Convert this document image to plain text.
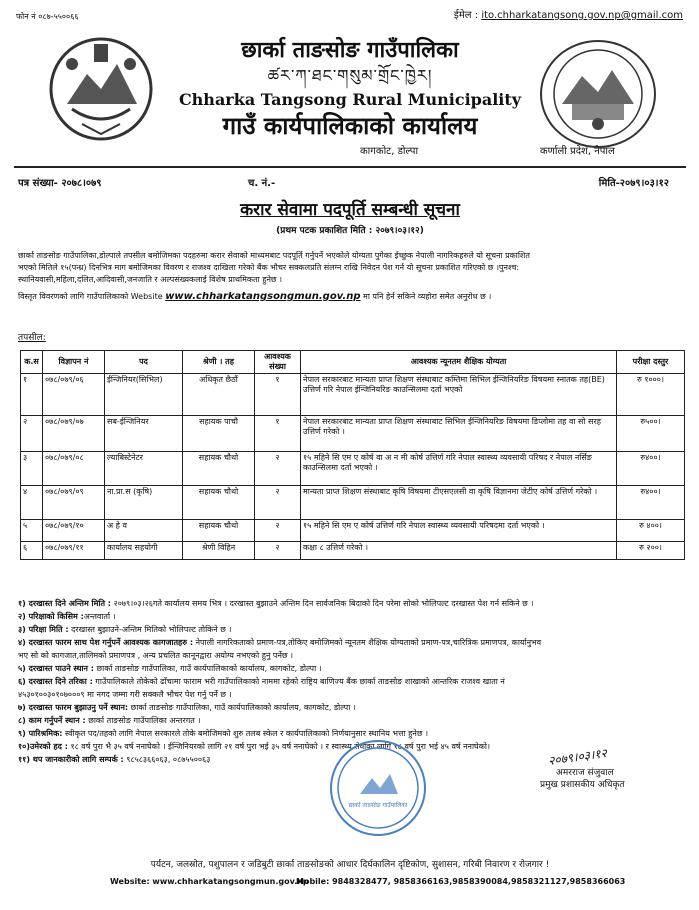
फोन नं ०८७-५५००६६	ईमेल : ito.chharkatangsong.gov.np@gmail.com
छार्का ताङसोङ गाउँपालिका
ཚར་ཀ་ཐང་གསུམ་གྲོང་ཁྱེར།
Chharka Tangsong Rural Municipality
गाउँ कार्यपालिकाको कार्यालय
कागकोट, डोल्पा	कर्णाली प्रदेश, नेपाल
पत्र संख्या- २०७८।०७९	च. नं.-	मिति-२०७९।०३।१२
करार सेवामा पदपूर्ति सम्बन्धी सूचना
(प्रथम पटक प्रकाशित मिति : २०७९।०३।१२)
छार्का ताङसोङ गाउँपालिका,डोल्पाले तपसील बमोजिमका पदहरुमा करार सेवाको माध्यमबाट पदपूर्ति गर्नुपर्ने भएकोले योग्यता पुगेका ईच्छुक नेपाली नागरिकहरुले यो सूचना प्रकाशित
भएको मितिले १५(पन्ध्र) दिनभित्र माग बमोजिमका विवरण र राजश्व दाखिला गरेको बैंक भौचर सक्कलप्रति संलग्न राखि निवेदन पेश गर्न यो सूचना प्रकाशित गरिएको छ ।पुनश्च:
स्थानियवासी,महिला,दलित,आदिवासी,जनजाति र अल्पसंख्यकलाई विशेष प्राथमिकता हुनेछ ।
विस्तृत विवरणको लागि गाउँपालिकाको Website www.chharkatangsongmun.gov.np मा पनि हेर्न सकिने व्यहोरा समेत अनुरोध छ ।
तपसील:
क.स	विज्ञापन नं	पद	श्रेणी । तह	आवश्यक संख्या	आवश्यक न्यूनतम शैक्षिक योग्यता	परीक्षा दस्तुर
१	०७८/०७९/०६	ईन्जिनियर(सिभिल)	अधिकृत छैठौं	१	नेपाल सरकारबाट मान्यता प्राप्त शिक्षण संस्थाबाट कम्तिमा सिभिल ईन्जिनियरिङ विषयमा स्नातक तह(BE) उत्तिर्ण गरि नेपाल ईन्जिनियरिङ काउन्सिलमा दर्ता भएको	रु १०००।
२	०७८/०७९/०७	सब-ईन्जिनियर	सहायक पाचौ	१	नेपाल सरकारबाट मान्यता प्राप्त शिक्षण संस्थाबाट सिभिल ईन्जिनियरिङ विषयमा डिप्लोमा तह वा सो सरह उत्तिर्ण गरेको ।	रु५००।
३	०७८/०७९/०८	ल्याबिस्टेनेटर	सहायक चौथो	२	१५ महिने सि एम ए कोर्ष वा अ न मी कोर्ष उत्तिर्ण गरि नेपाल स्वास्थ्य व्यवसायी परिषद र नेपाल नर्सिङ काउन्सिलमा दर्ता भएको ।	रु४००।
४	०७८/०७९/०९	ना.प्रा.स (कृषि)	सहायक चौथो	२	मान्यता प्राप्त शिक्षण संस्थाबाट कृषि विषयमा टीएसएलसी वा कृषि विज्ञानमा जेटीए कोर्ष उत्तिर्ण गरेको ।	रु४००।
५	०७८/०७९/१०	अ हे व	सहायक चौथो	२	१५ महिने सि एम ए कोर्ष उत्तिर्ण गरि नेपाल स्वास्थ्य व्यवसायी परिषदमा दर्ता भएको ।	रु ४००।
६	०७८/०७९/११	कार्यालय सहयोगी	श्रेणी विहिन	२	कक्षा ८ उत्तिर्ण गरेको ।	रु २००।
१) दरखास्त दिने अन्तिम मिति : २०७९।०३।२६गते कार्यालय समय भित्र । दरखास्त बुझाउने अन्तिम दिन सार्वजनिक बिदाको दिन परेमा सोको भोलिपल्ट दरखास्त पेश गर्न सकिने छ ।
२) परिक्षाको किसिम :अन्तवार्ता ।
३) परिक्षा मिति : दरखास्त बुझाउने-अन्तिम मितिको भोलिपल्ट तोकिने छ ।
४) दरखास्त फारम साथ पेश गर्नुपर्ने आवश्यक कागजातहरु : नेपाली नागरिकताको प्रमाण-पत्र,तोकिए बमोजिमको न्यूनतम शैक्षिक योग्यताको प्रमाण-पत्र,चारित्रिक प्रमाणपत्र, कार्यानुभव
भए सो को कागजात,तालिमको प्रमाणपत्र , अन्य प्रचलित कानूनद्वारा अयोग्य नभएको हुनु पर्नेछ ।
५) दरखास्त पाउने स्थान : छार्का ताङसोङ गाउँपालिका, गाउँ कार्यपालिकाको कार्यालय, कागकोट, डोल्पा ।
६) दरखास्त दिने तरिका : गाउँपालिकाले तोकेको ढाँचामा फाराम भरी गाउँपालिकाको नाममा रहेको राष्ट्रिय बाणिज्य बैंक छार्का ताङसोङ शाखाको आन्तरिक राजश्व खाता नं
४५३०१००३०१०७०००९ मा नगद जम्मा गरी सक्कलै भौचर पेश गर्नु पर्ने छ ।
७) दरखास्त फारम बुझाउनु पर्ने स्थान: छार्का ताङसोङ गाउँपालिका, गाउँ कार्यपालिकाको कार्यालय, कागकोट, डोल्पा ।
८) काम गर्नुपर्ने स्थान : छार्का ताङसोङ गाउँपालिका अन्तरगत ।
९) पारिश्रमिक: स्वीकृत पद/तहको लागि नेपाल सरकारले तोके बमोजिमको शुरु तलब स्केल र कार्यपालिकाको निर्णयानुसार स्थानिय भत्ता हुनेछ ।
१०)उमेरको हद : १८ वर्ष पुरा भै ३५ वर्ष ननाघेको । ईन्जिनियरको लागि २१ वर्ष पुरा भई ३५ वर्ष ननाघेको । र स्वास्थ्य सेवाका लागि १८ वर्ष पुरा भई ४५ वर्ष ननाघेको।
११) थप जानकारीको लागि सम्पर्क : ९८५८३६६०६३, ०८७५५००६३
छार्का ताङसोङ गाउँपालिका
२०७९।०३।१२
अमरराज संजुवाल
प्रमुख प्रशासकीय अधिकृत
पर्यटन, जलस्रोत, पशुपालन र जडिबुटी छार्का ताङसोङको आधार दिर्घकालिन दृष्टिकोण, सुशासन, गरिबी निवारण र रोजगार !
Website: www.chharkatangsongmun.gov.np
Mobile: 9848328477, 9858366163,9858390084,9858321127,9858366063
